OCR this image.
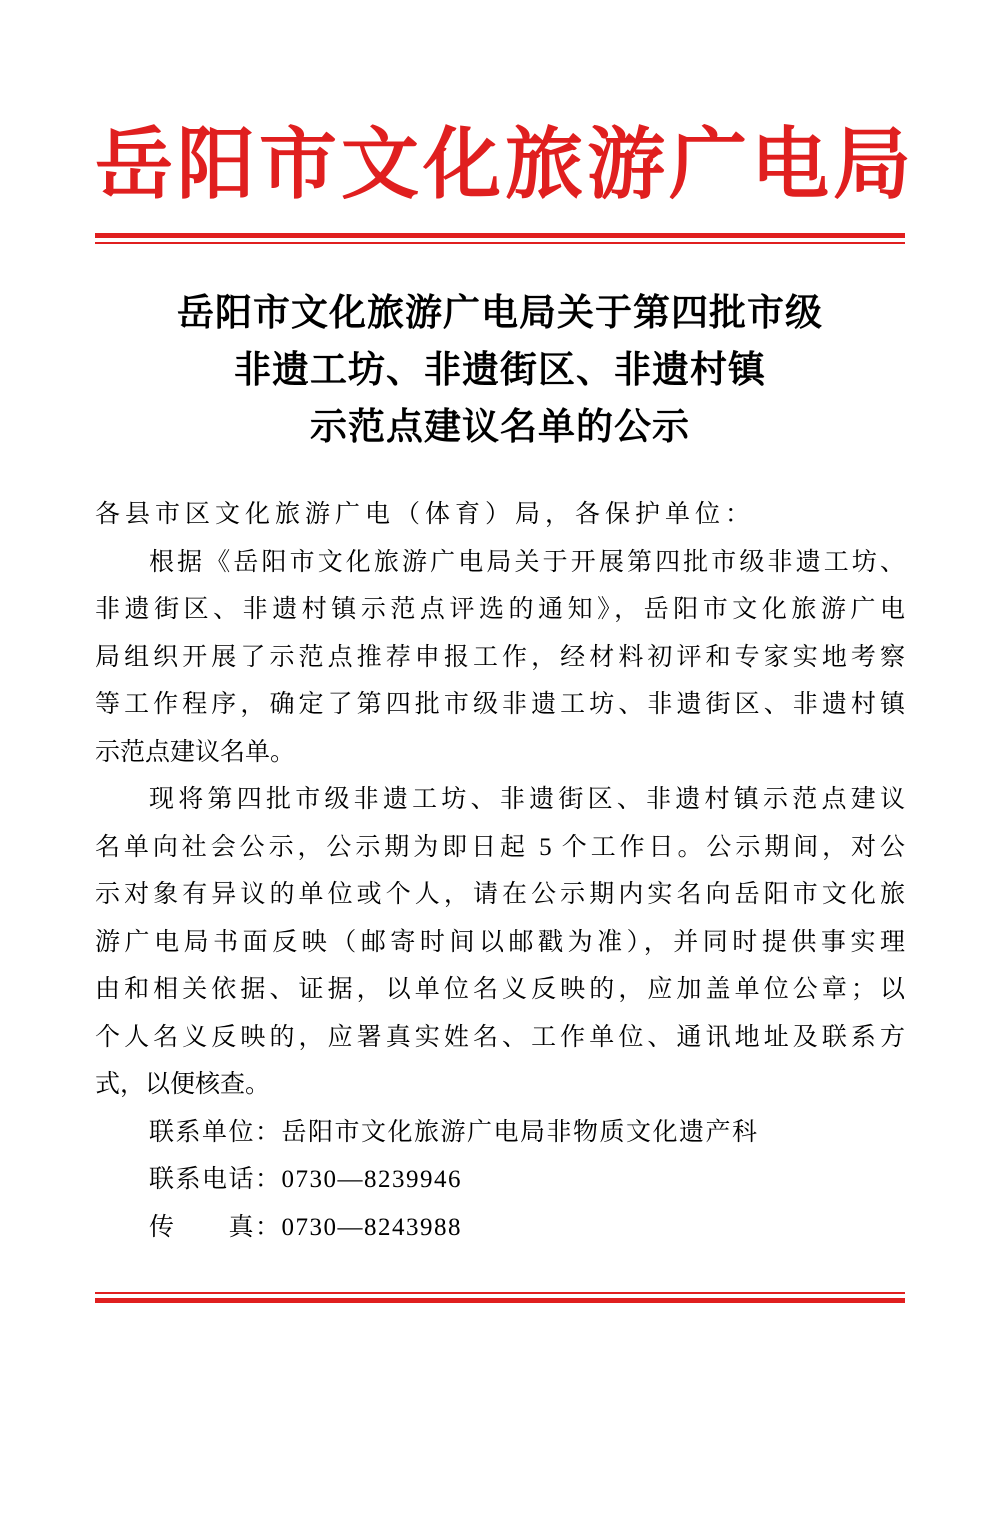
岳阳市文化旅游广电局
岳阳市文化旅游广电局关于第四批市级
非遗工坊、非遗街区、非遗村镇
示范点建议名单的公示

各县市区文化旅游广电（体育）局，各保护单位：

根据《岳阳市文化旅游广电局关于开展第四批市级非遗工坊、

非遗街区、非遗村镇示范点评选的通知》，岳阳市文化旅游广电

局组织开展了示范点推荐申报工作，经材料初评和专家实地考察

等工作程序，确定了第四批市级非遗工坊、非遗街区、非遗村镇

示范点建议名单。

现将第四批市级非遗工坊、非遗街区、非遗村镇示范点建议

名单向社会公示，公示期为即日起 5 个工作日。公示期间，对公

示对象有异议的单位或个人，请在公示期内实名向岳阳市文化旅

游广电局书面反映（邮寄时间以邮戳为准），并同时提供事实理

由和相关依据、证据，以单位名义反映的，应加盖单位公章；以

个人名义反映的，应署真实姓名、工作单位、通讯地址及联系方

式，以便核查。

联系单位：岳阳市文化旅游广电局非物质文化遗产科

联系电话：0730—8239946

传　　真：0730—8243988
